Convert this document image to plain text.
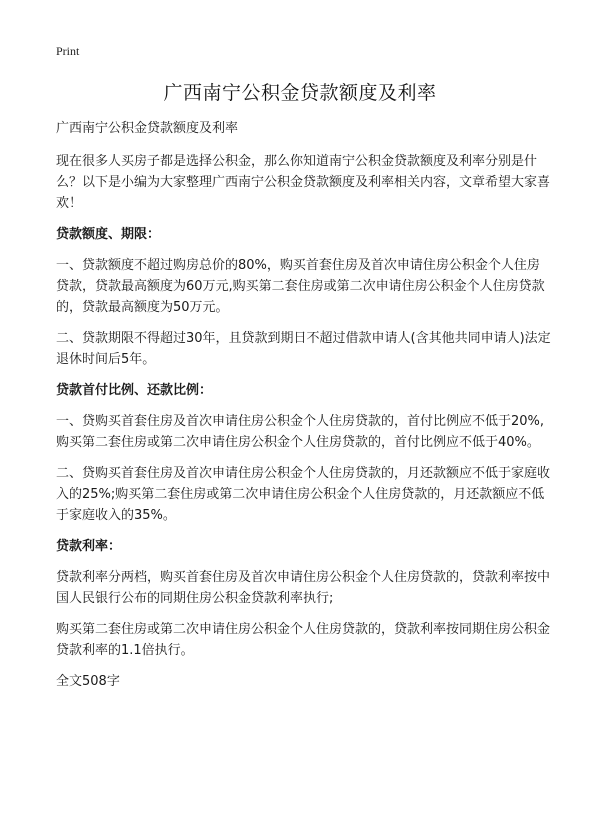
Print
广西南宁公积金贷款额度及利率

广西南宁公积金贷款额度及利率

现在很多人买房子都是选择公积金，那么你知道南宁公积金贷款额度及利率分别是什么？以下是小编为大家整理广西南宁公积金贷款额度及利率相关内容，文章希望大家喜欢！

贷款额度、期限：

一、贷款额度不超过购房总价的80%，购买首套住房及首次申请住房公积金个人住房贷款，贷款最高额度为60万元,购买第二套住房或第二次申请住房公积金个人住房贷款的，贷款最高额度为50万元。

二、贷款期限不得超过30年，且贷款到期日不超过借款申请人(含其他共同申请人)法定退休时间后5年。

贷款首付比例、还款比例：

一、贷购买首套住房及首次申请住房公积金个人住房贷款的，首付比例应不低于20%,购买第二套住房或第二次申请住房公积金个人住房贷款的，首付比例应不低于40%。

二、贷购买首套住房及首次申请住房公积金个人住房贷款的，月还款额应不低于家庭收入的25%;购买第二套住房或第二次申请住房公积金个人住房贷款的，月还款额应不低于家庭收入的35%。

贷款利率：

贷款利率分两档，购买首套住房及首次申请住房公积金个人住房贷款的，贷款利率按中国人民银行公布的同期住房公积金贷款利率执行;

购买第二套住房或第二次申请住房公积金个人住房贷款的，贷款利率按同期住房公积金贷款利率的1.1倍执行。

全文508字
